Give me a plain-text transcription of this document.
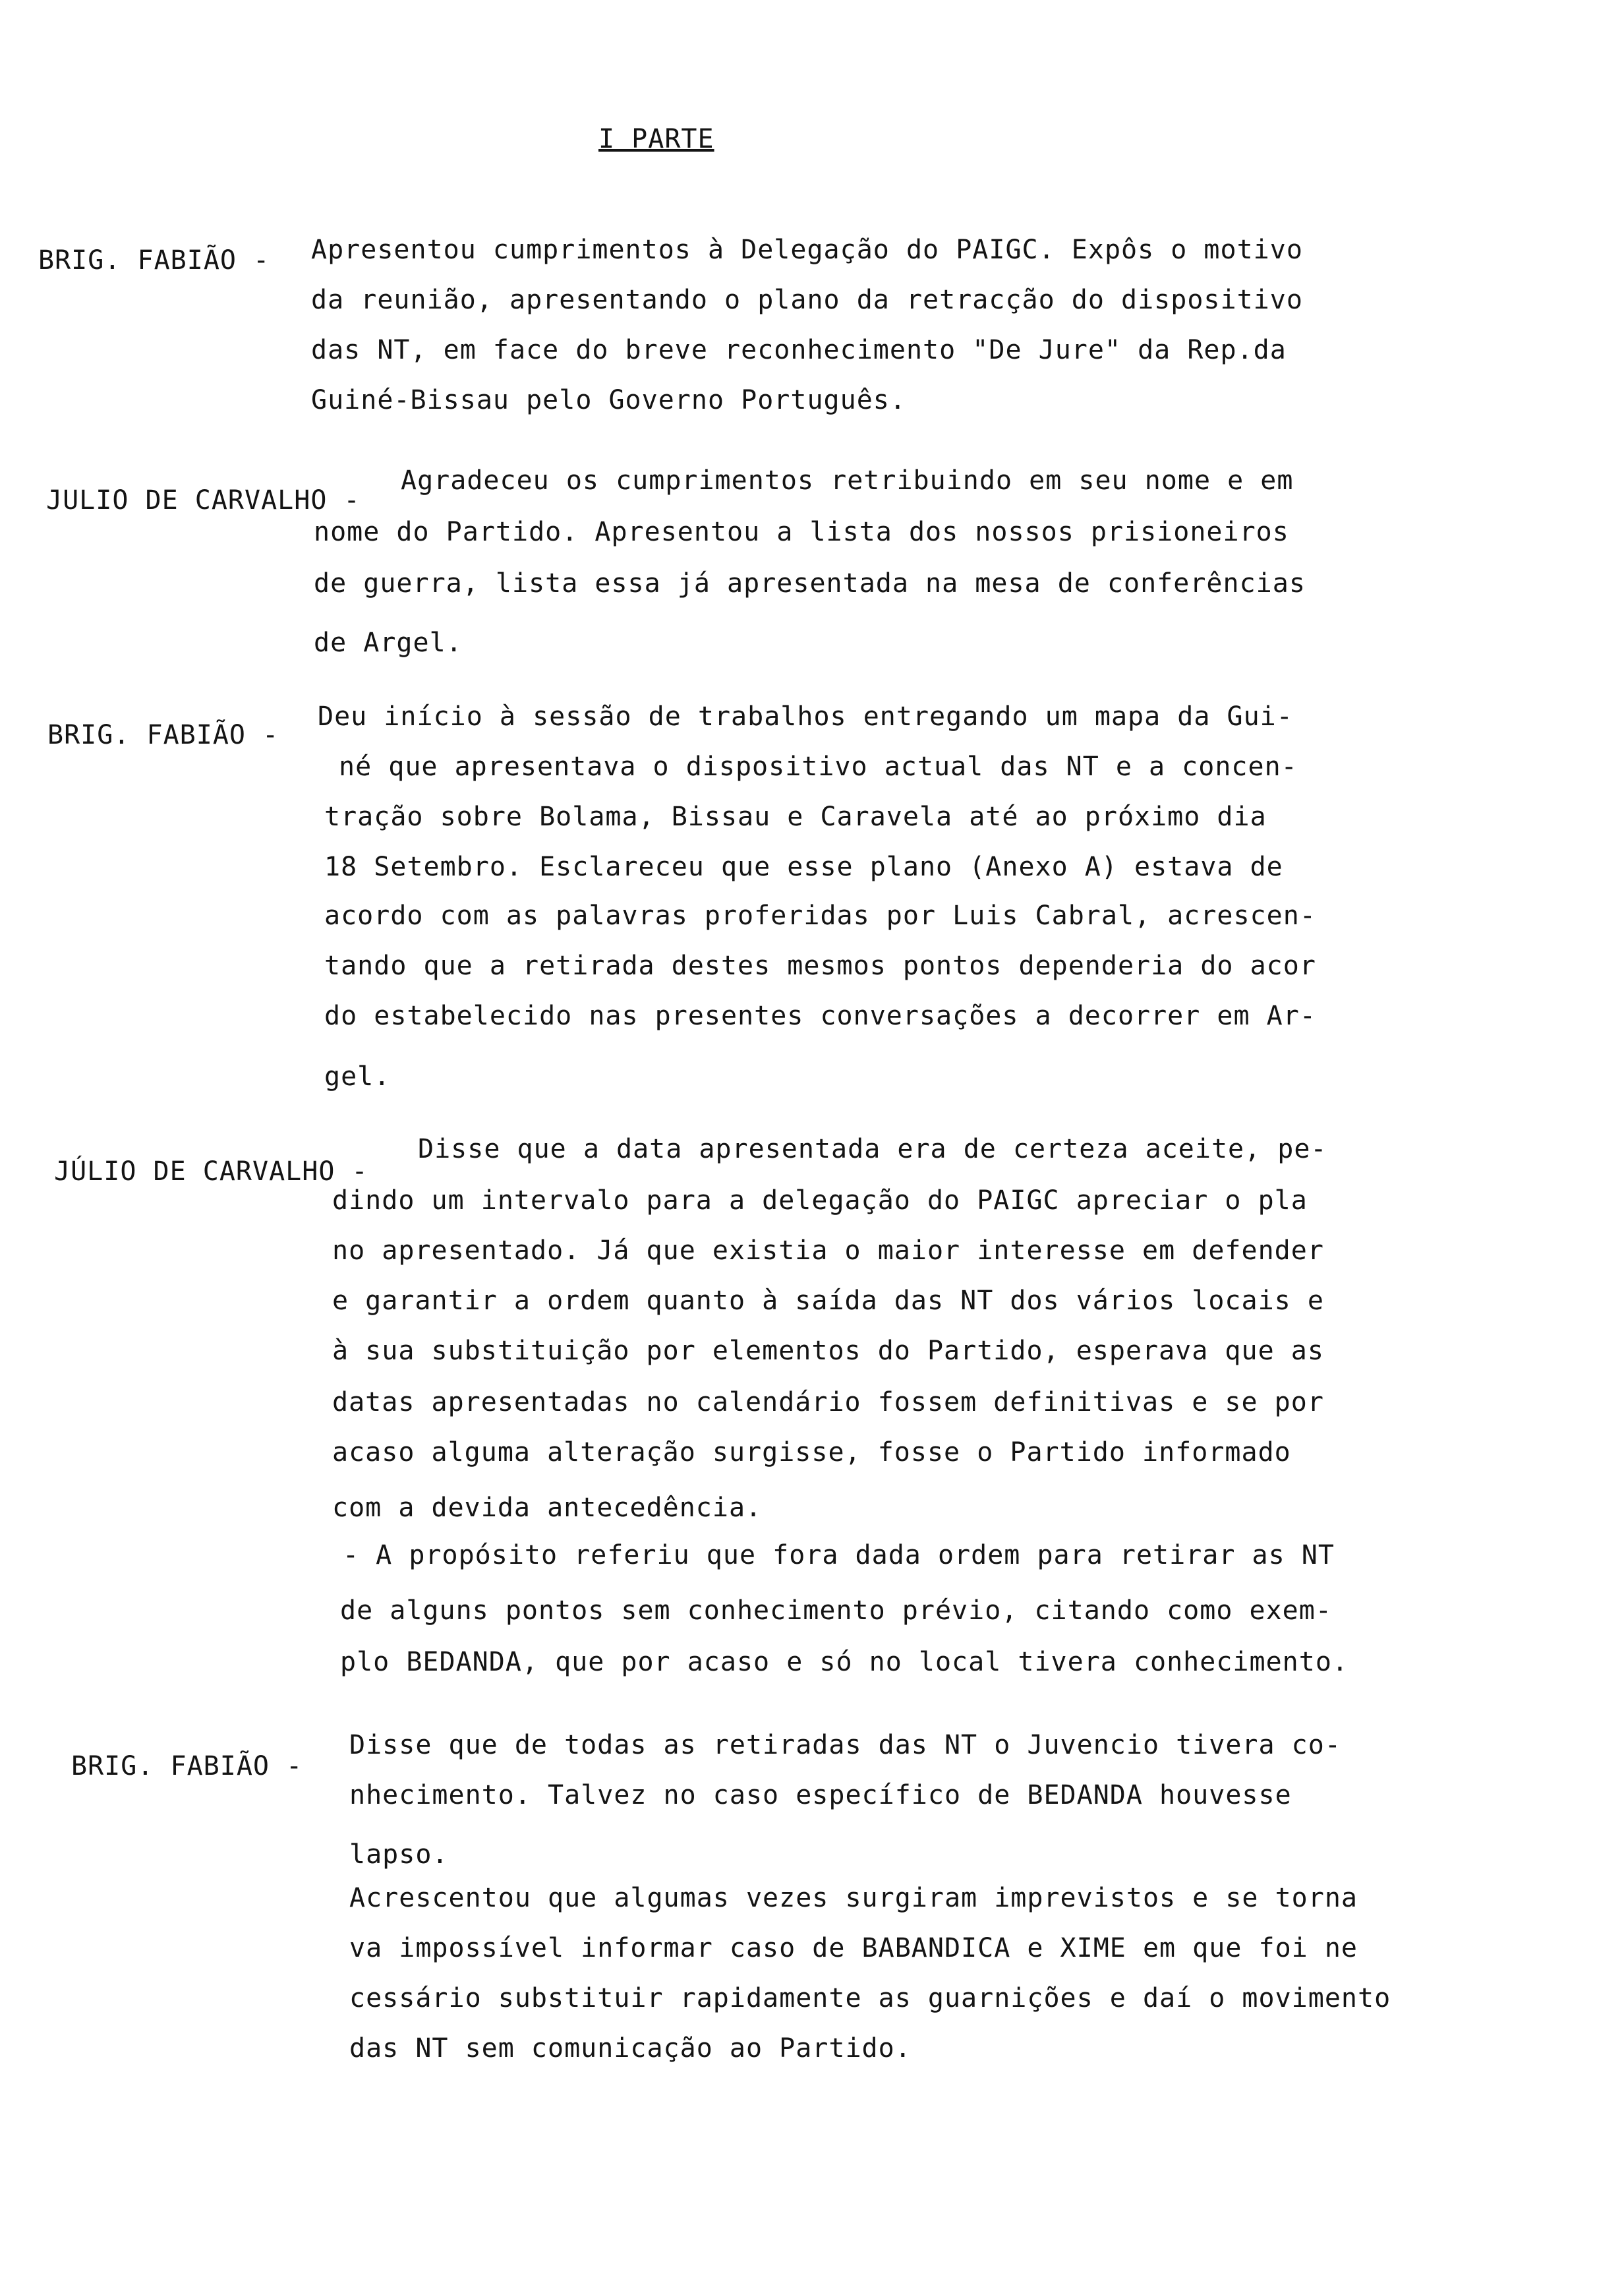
I PARTE
BRIG. FABIÃO - Apresentou cumprimentos à Delegação do PAIGC. Expôs o motivo
da reunião, apresentando o plano da retracção do dispositivo
das NT, em face do breve reconhecimento "De Jure" da Rep.da
Guiné-Bissau pelo Governo Português.
JULIO DE CARVALHO -
Agradeceu os cumprimentos retribuindo em seu nome e em
nome do Partido. Apresentou a lista dos nossos prisioneiros
de guerra, lista essa já apresentada na mesa de conferências
de Argel.
BRIG. FABIÃO -
Deu início à sessão de trabalhos entregando um mapa da Gui-
né que apresentava o dispositivo actual das NT e a concen-
tração sobre Bolama, Bissau e Caravela até ao próximo dia
18 Setembro. Esclareceu que esse plano (Anexo A) estava de
acordo com as palavras proferidas por Luis Cabral, acrescen-
tando que a retirada destes mesmos pontos dependeria do acor
do estabelecido nas presentes conversações a decorrer em Ar-
gel.
JÚLIO DE CARVALHO -
Disse que a data apresentada era de certeza aceite, pe-
dindo um intervalo para a delegação do PAIGC apreciar o pla
no apresentado. Já que existia o maior interesse em defender
e garantir a ordem quanto à saída das NT dos vários locais e
à sua substituição por elementos do Partido, esperava que as
datas apresentadas no calendário fossem definitivas e se por
acaso alguma alteração surgisse, fosse o Partido informado
com a devida antecedência.
- A propósito referiu que fora dada ordem para retirar as NT
de alguns pontos sem conhecimento prévio, citando como exem-
plo BEDANDA, que por acaso e só no local tivera conhecimento.
BRIG. FABIÃO -
Disse que de todas as retiradas das NT o Juvencio tivera co-
nhecimento. Talvez no caso específico de BEDANDA houvesse
lapso.
Acrescentou que algumas vezes surgiram imprevistos e se torna
va impossível informar caso de BABANDICA e XIME em que foi ne
cessário substituir rapidamente as guarnições e daí o movimento
das NT sem comunicação ao Partido.
